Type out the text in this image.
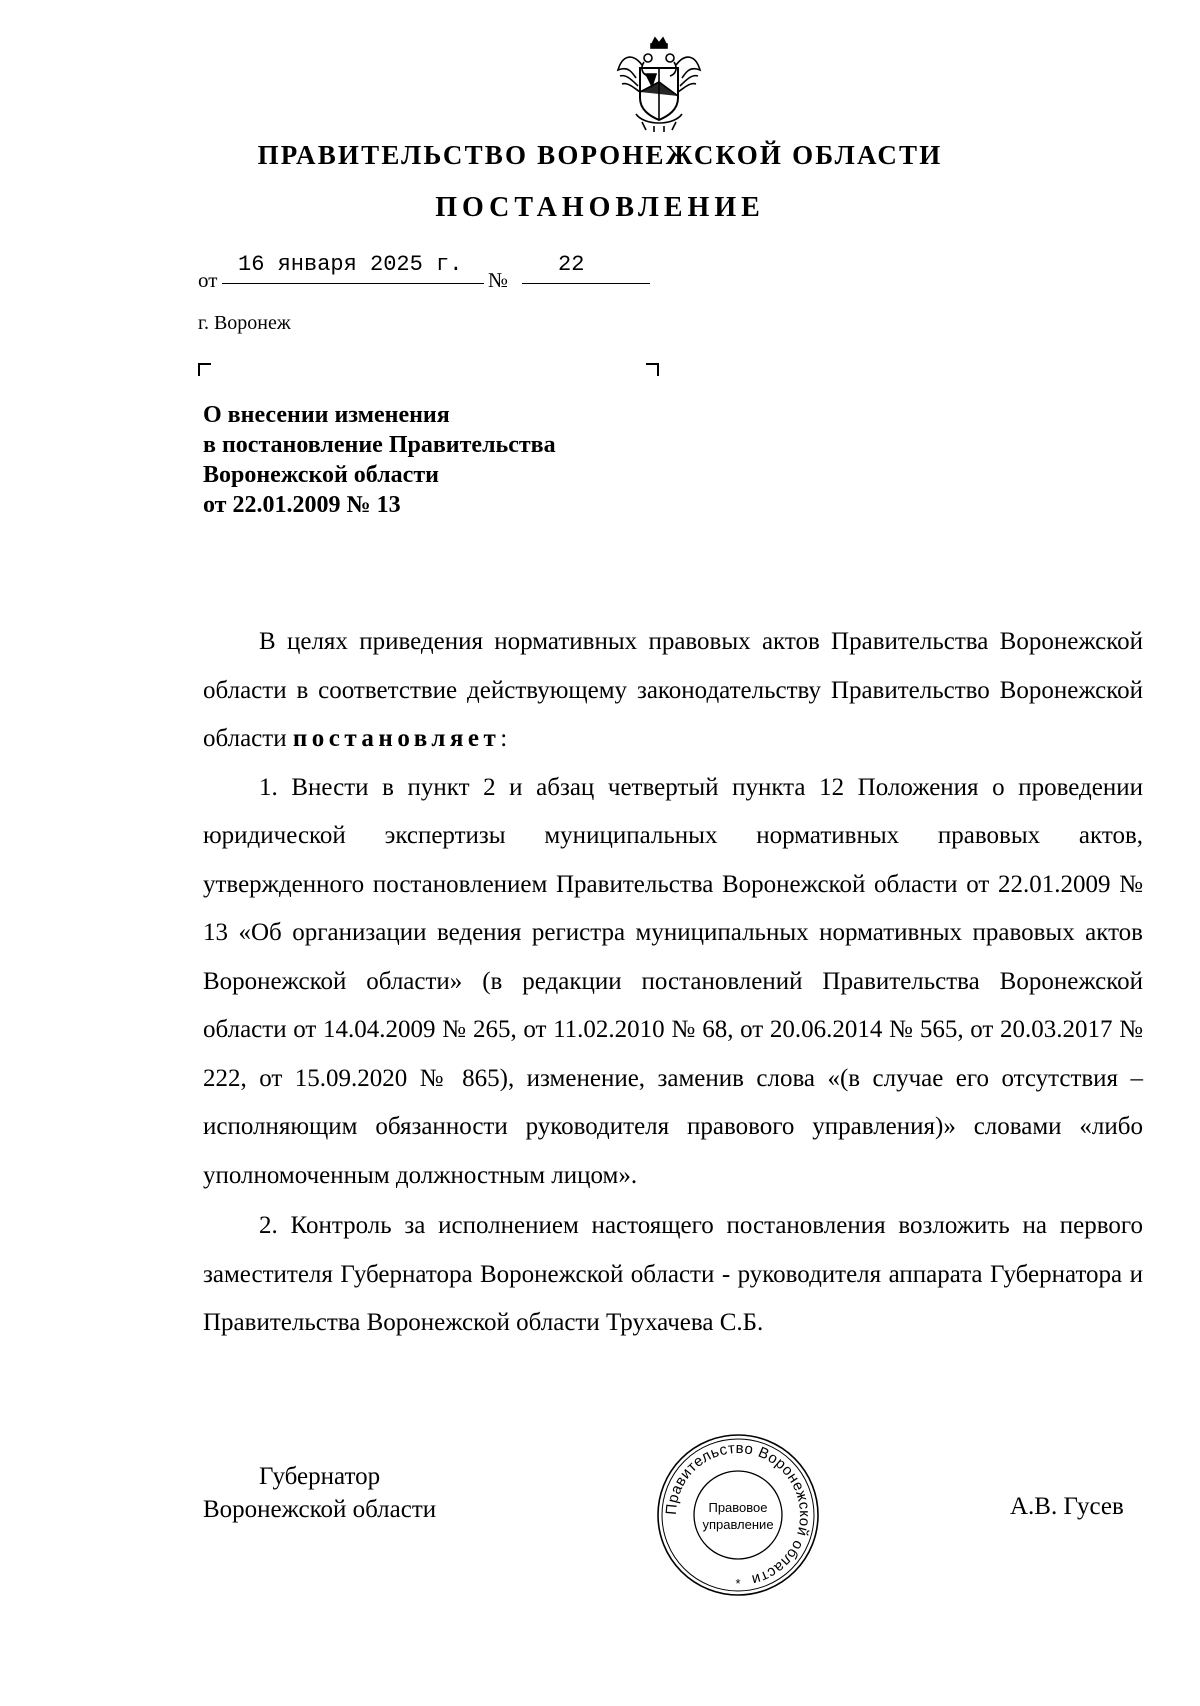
ПРАВИТЕЛЬСТВО ВОРОНЕЖСКОЙ ОБЛАСТИ
ПОСТАНОВЛЕНИЕ
от
16 января 2025 г.
№
22
г. Воронеж
О внесении изменения
в постановление Правительства
Воронежской области
от 22.01.2009 № 13

В целях приведения нормативных правовых актов Правительства Воронежской области в соответствие действующему законодательству Правительство Воронежской области постановляет:

1. Внести в пункт 2 и абзац четвертый пункта 12 Положения о проведении юридической экспертизы муниципальных нормативных правовых актов, утвержденного постановлением Правительства Воронежской области от 22.01.2009 № 13 «Об организации ведения регистра муниципальных нормативных правовых актов Воронежской области» (в редакции постановлений Правительства Воронежской области от 14.04.2009 № 265, от 11.02.2010 № 68, от 20.06.2014 № 565, от 20.03.2017 № 222, от 15.09.2020 № 865), изменение, заменив слова «(в случае его отсутствия – исполняющим обязанности руководителя правового управления)» словами «либо уполномоченным должностным лицом».

2. Контроль за исполнением настоящего постановления возложить на первого заместителя Губернатора Воронежской области - руководителя аппарата Губернатора и Правительства Воронежской области Трухачева С.Б.

Губернатор
Воронежской области	А.В. Гусев
Правительство Воронежской области
Правовое
управление
*
